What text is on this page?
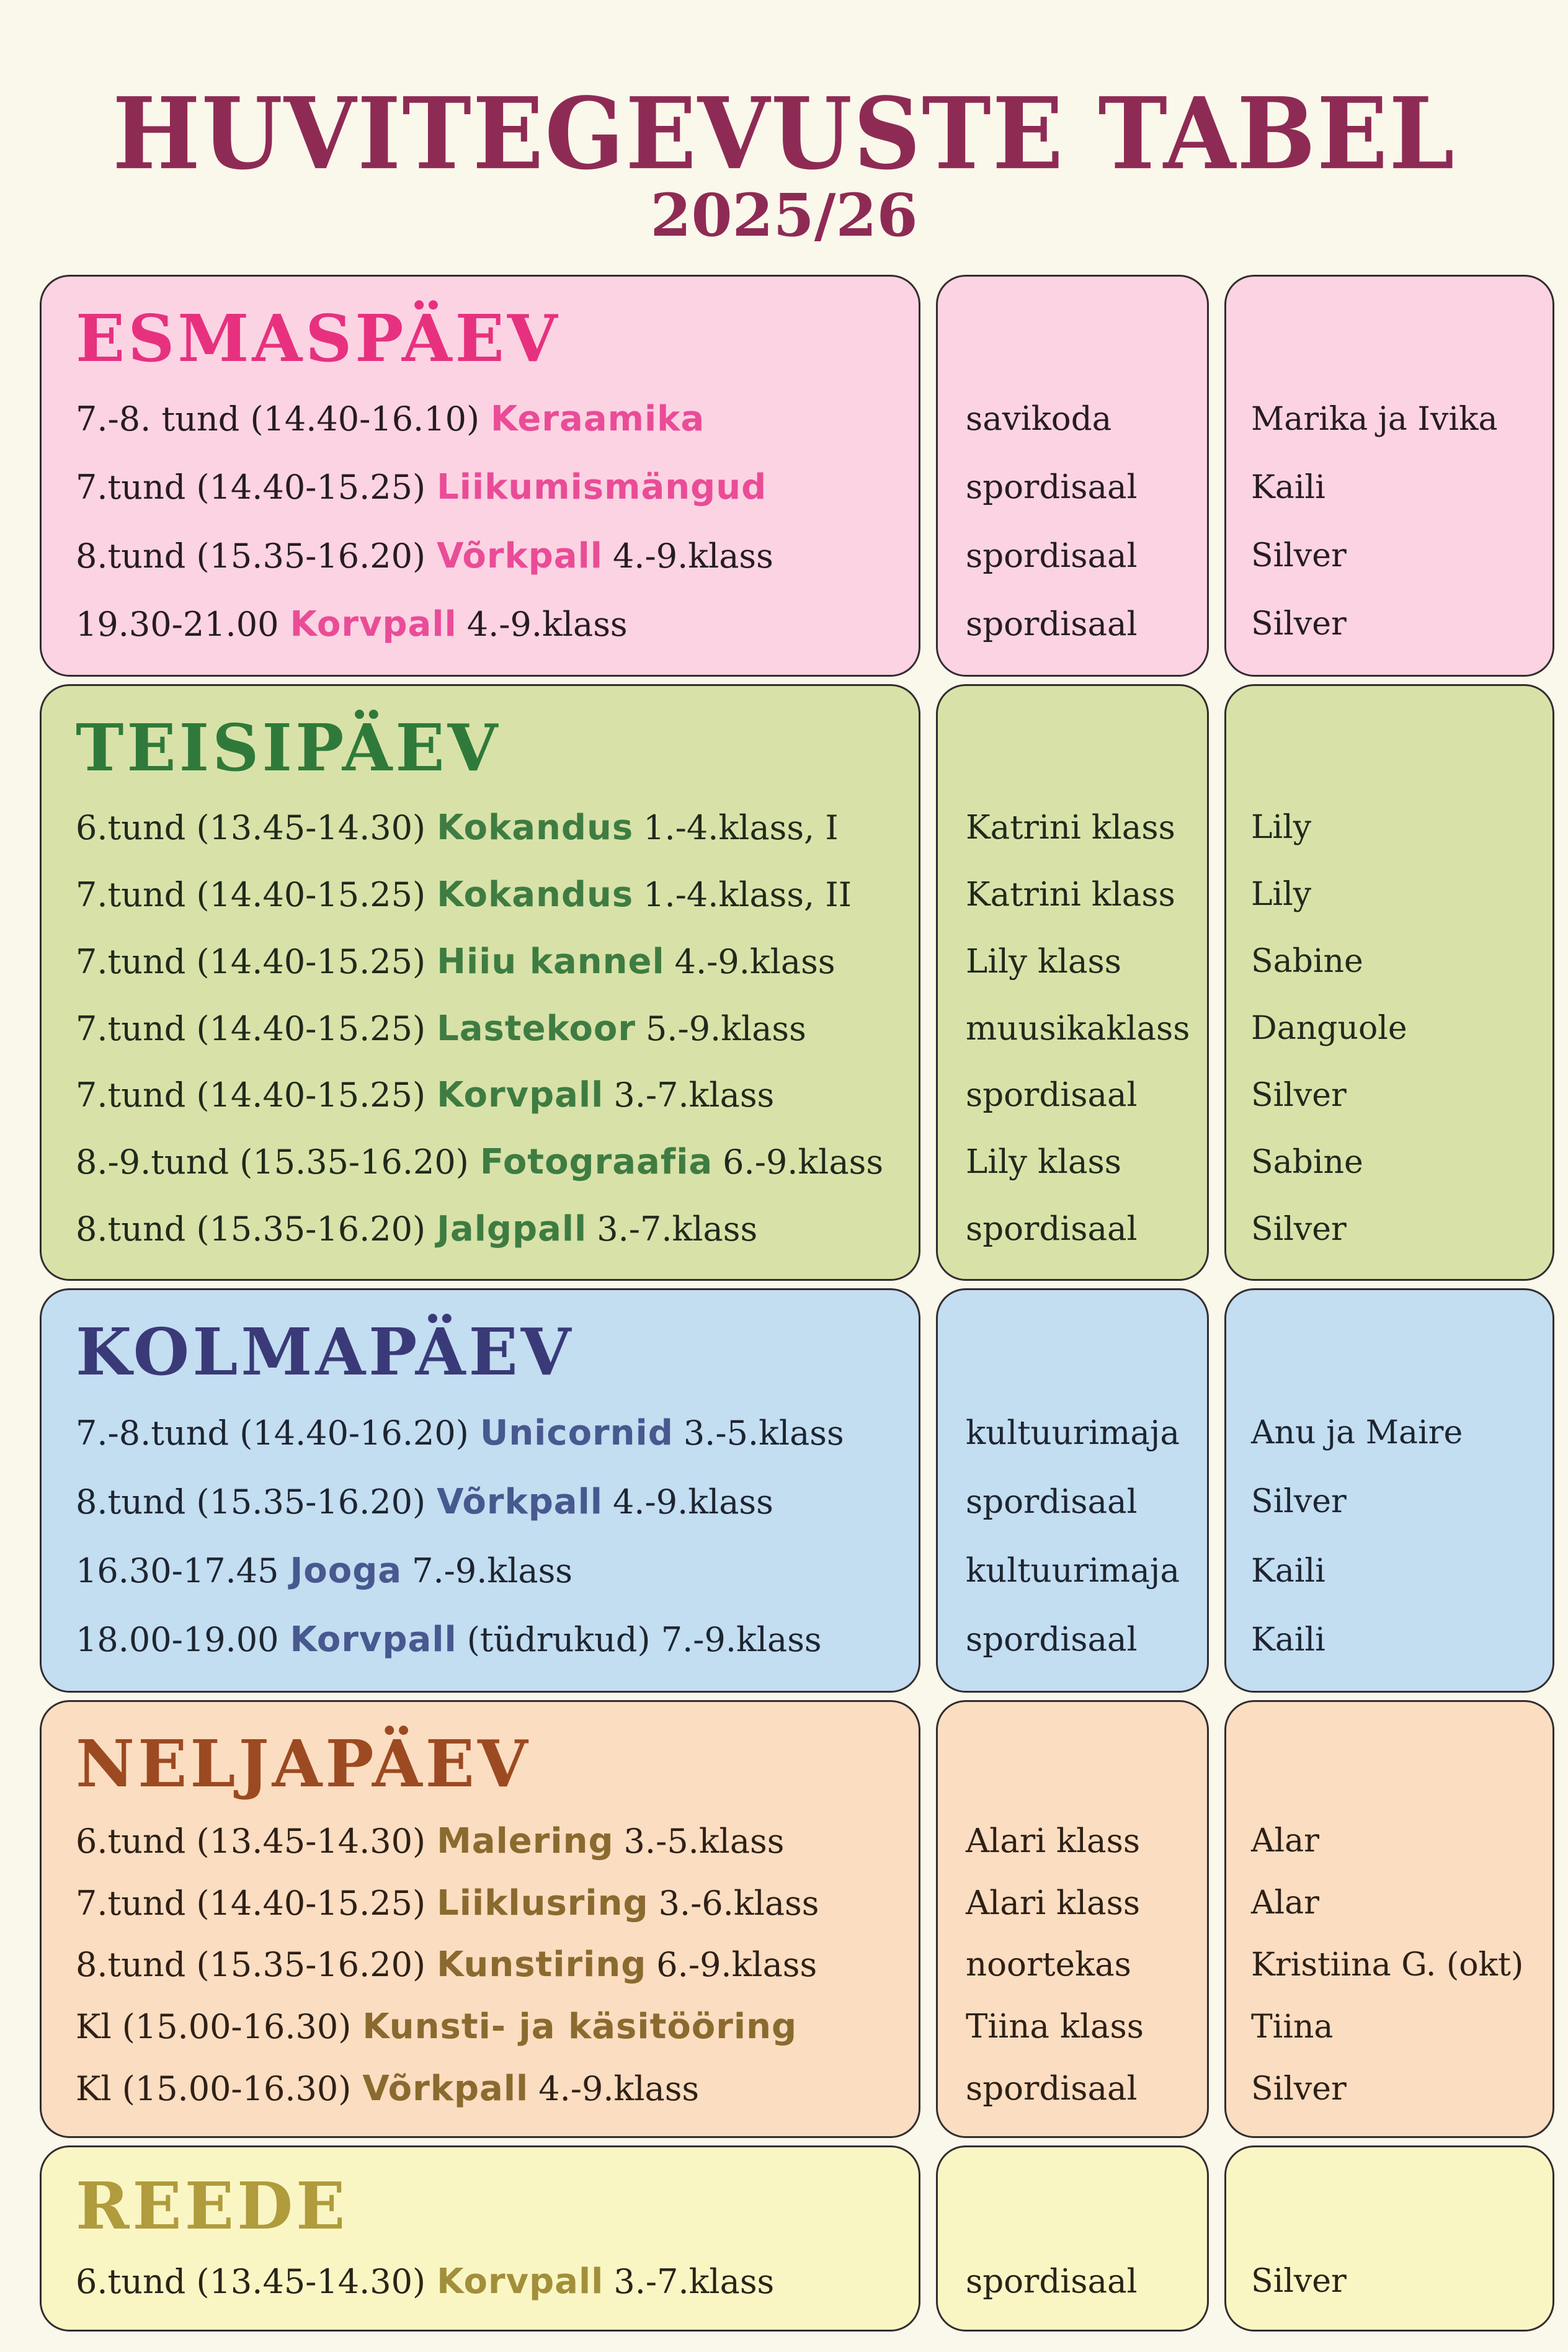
HUVITEGEVUSTE TABEL
2025/26
ESMASPÄEV
7.-8. tund (14.40-16.10) Keraamika
7.tund (14.40-15.25) Liikumismängud
8.tund (15.35-16.20) Võrkpall 4.-9.klass
19.30-21.00 Korvpall 4.-9.klass
savikoda
spordisaal
spordisaal
spordisaal
Marika ja Ivika
Kaili
Silver
Silver
TEISIPÄEV
6.tund (13.45-14.30) Kokandus 1.-4.klass, I
7.tund (14.40-15.25) Kokandus 1.-4.klass, II
7.tund (14.40-15.25) Hiiu kannel 4.-9.klass
7.tund (14.40-15.25) Lastekoor 5.-9.klass
7.tund (14.40-15.25) Korvpall 3.-7.klass
8.-9.tund (15.35-16.20) Fotograafia 6.-9.klass
8.tund (15.35-16.20) Jalgpall 3.-7.klass
Katrini klass
Katrini klass
Lily klass
muusikaklass
spordisaal
Lily klass
spordisaal
Lily
Lily
Sabine
Danguole
Silver
Sabine
Silver
KOLMAPÄEV
7.-8.tund (14.40-16.20) Unicornid 3.-5.klass
8.tund (15.35-16.20) Võrkpall 4.-9.klass
16.30-17.45 Jooga 7.-9.klass
18.00-19.00 Korvpall (tüdrukud) 7.-9.klass
kultuurimaja
spordisaal
kultuurimaja
spordisaal
Anu ja Maire
Silver
Kaili
Kaili
NELJAPÄEV
6.tund (13.45-14.30) Malering 3.-5.klass
7.tund (14.40-15.25) Liiklusring 3.-6.klass
8.tund (15.35-16.20) Kunstiring 6.-9.klass
Kl (15.00-16.30) Kunsti- ja käsitööring
Kl (15.00-16.30) Võrkpall 4.-9.klass
Alari klass
Alari klass
noortekas
Tiina klass
spordisaal
Alar
Alar
Kristiina G. (okt)
Tiina
Silver
REEDE
6.tund (13.45-14.30) Korvpall 3.-7.klass	spordisaal	Silver
